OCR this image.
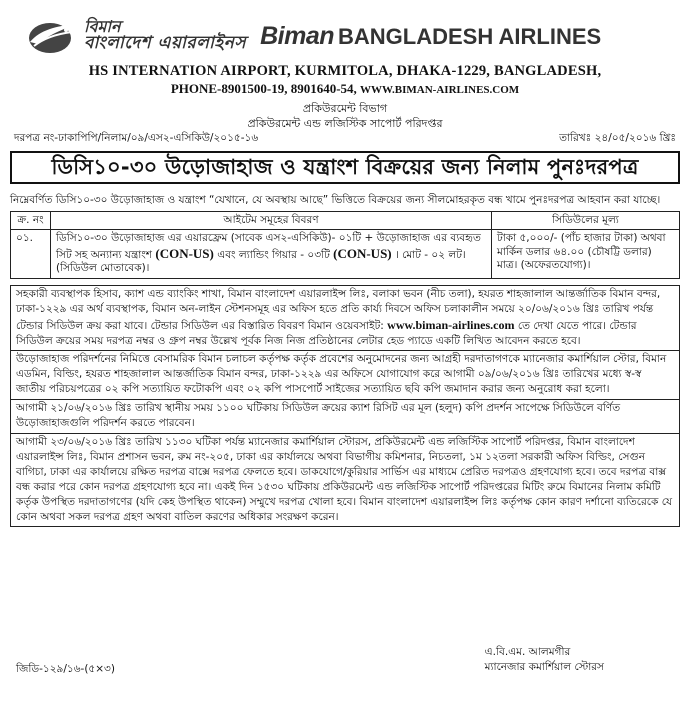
বিমান
বাংলাদেশ এয়ারলাইনস Biman BANGLADESH AIRLINES
HS INTERNATION AIRPORT, KURMITOLA, DHAKA-1229, BANGLADESH,
PHONE-8901500-19, 8901640-54, WWW.BIMAN-AIRLINES.COM
প্রকিউরমেন্ট বিভাগ
প্রকিউরমেন্ট এন্ড লজিস্টিক সাপোর্ট পরিদপ্তর
দরপত্র নং-ঢাকাপিপি/নিলাম/০৯/এস২-এসিকিউ/২০১৫-১৬	তারিখঃ ২৪/০৫/২০১৬ খ্রিঃ
ডিসি১০-৩০ উড়োজাহাজ ও যন্ত্রাংশ বিক্রয়ের জন্য নিলাম পুনঃদরপত্র
নিম্নেবর্ণিত ডিসি১০-৩০ উড়োজাহাজ ও যন্ত্রাংশ “যেখানে, যে অবস্থায় আছে” ভিত্তিতে বিক্রয়ের জন্য সীলমোহরকৃত বন্ধ খামে পুনঃদরপত্র আহবান করা যাচ্ছে।
ক্র. নং	আইটেম সমূহের বিবরণ	সিডিউলের মূল্য
০১.	ডিসি১০-৩০ উড়োজাহাজ এর এয়ারফ্রেম (সাবেক এস২-এসিকিউ)- ০১টি + উড়োজাহাজ এর ব্যবহৃত সিট সহ অন্যান্য যন্ত্রাংশ (CON-US) এবং ল্যান্ডিং গিয়ার - ০৩টি (CON-US) । মোট - ০২ লট। (সিডিউল মোতাবেক)।	টাকা ৫,০০০/- (পাঁচ হাজার টাকা) অথবা মার্কিন ডলার ৬৪.০০ (চৌষট্টি ডলার) মাত্র। (অফেরতযোগ্য)।
সহকারী ব্যবস্থাপক হিসাব, ক্যাশ এন্ড ব্যাংকিং শাখা, বিমান বাংলাদেশ এয়ারলাইন্স লিঃ, বলাকা ভবন (নীচ তলা), হযরত শাহজালাল আন্তর্জাতিক বিমান বন্দর, ঢাকা-১২২৯ এর অর্থ ব্যবস্থাপক, বিমান অন-লাইন স্টেশনসমূহ এর অফিস হতে প্রতি কার্য্য দিবসে অফিস চলাকালীন সময়ে ২০/০৬/২০১৬ খ্রিঃ তারিখ পর্যন্ত টেন্ডার সিডিউল ক্রয় করা যাবে। টেন্ডার সিডিউল এর বিস্তারিত বিবরণ বিমান ওয়েবসাইট: www.biman-airlines.com তে দেখা যেতে পারে। টেন্ডার সিডিউল ক্রয়ের সময় দরপত্র নম্বর ও গ্রুপ নম্বর উল্লেখ পূর্বক নিজ নিজ প্রতিষ্ঠানের লেটার হেড প্যাডে একটি লিখিত আবেদন করতে হবে।
উড়োজাহাজ পরিদর্শনের নিমিত্তে বেসামরিক বিমান চলাচল কর্তৃপক্ষ কর্তৃক প্রবেশের অনুমোদনের জন্য আগ্রহী দরদাতাগণকে ম্যানেজার কমার্শিয়াল স্টোর, বিমান এডমিন, বিল্ডিং, হযরত শাহজালাল আন্তর্জাতিক বিমান বন্দর, ঢাকা-১২২৯ এর অফিসে যোগাযোগ করে আগামী ০৯/০৬/২০১৬ খ্রিঃ তারিখের মধ্যে স্ব-স্ব জাতীয় পরিচয়পত্রের ০২ কপি সত্যায়িত ফটোকপি এবং ০২ কপি পাসপোর্ট সাইজের সত্যায়িত ছবি কপি জমাদান করার জন্য অনুরোধ করা হলো।
আগামী ২১/০৬/২০১৬ খ্রিঃ তারিখ স্থানীয় সময় ১১০০ ঘটিকায় সিডিউল ক্রয়ের ক্যাশ রিসিট এর মূল (হলুদ) কপি প্রদর্শন সাপেক্ষে সিডিউলে বর্ণিত উড়োজাহাজগুলি পরিদর্শন করতে পারবেন।
আগামী ২৩/০৬/২০১৬ খ্রিঃ তারিখ ১১৩০ ঘটিকা পর্যন্ত ম্যানেজার কমার্শিয়াল স্টোরস, প্রকিউরমেন্ট এন্ড লজিস্টিক সাপোর্ট পরিদপ্তর, বিমান বাংলাদেশ এয়ারলাইন্স লিঃ, বিমান প্রশাসন ভবন, রুম নং-২০৫, ঢাকা এর কার্যালয়ে অথবা বিভাগীয় কমিশনার, নিচতলা, ১ম ১২তলা সরকারী অফিস বিল্ডিং, সেগুন বাগিচা, ঢাকা এর কার্যালয়ে রক্ষিত দরপত্র বাক্সে দরপত্র ফেলতে হবে। ডাকযোগে/কুরিয়ার সার্ভিস এর মাধ্যমে প্রেরিত দরপত্রও গ্রহণযোগ্য হবে। তবে দরপত্র বাক্স বন্ধ করার পরে কোন দরপত্র গ্রহণযোগ্য হবে না। একই দিন ১৫৩০ ঘটিকায় প্রকিউরমেন্ট এন্ড লজিস্টিক সাপোর্ট পরিদপ্তরের মিটিং রুমে বিমানের নিলাম কমিটি কর্তৃক উপস্থিত দরদাতাগণের (যদি কেহ উপস্থিত থাকেন) সম্মুখে দরপত্র খোলা হবে। বিমান বাংলাদেশ এয়ারলাইন্স লিঃ কর্তৃপক্ষ কোন কারণ দর্শানো ব্যতিরেকে যে কোন অথবা সকল দরপত্র গ্রহণ অথবা বাতিল করণের অধিকার সংরক্ষণ করেন।
এ.বি.এম. আলমগীর
ম্যানেজার কমার্শিয়াল স্টোরস
জিডি-১২৯/১৬-(৫×৩)
